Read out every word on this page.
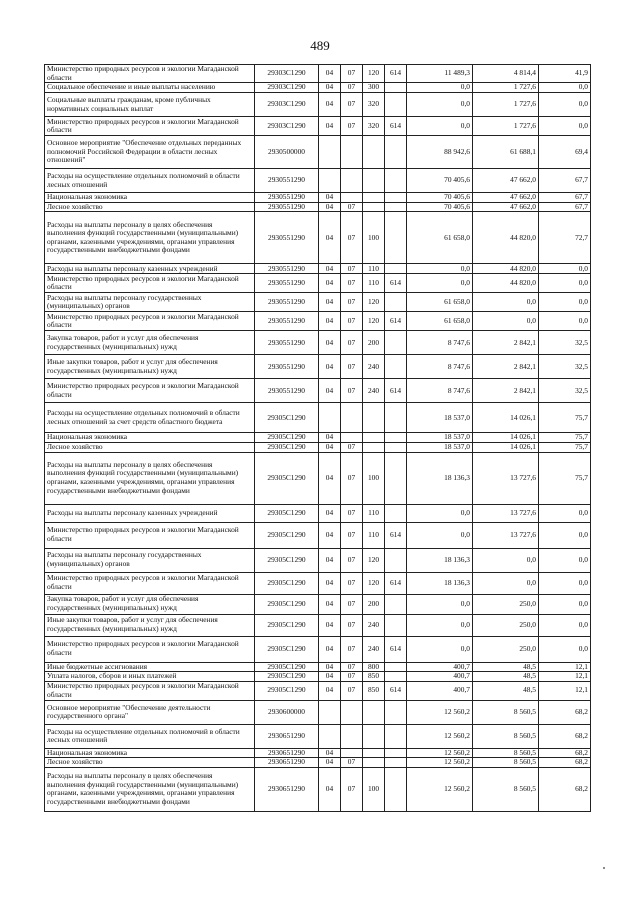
489
Министерство природных ресурсов и экологии Магаданской области	29303С1290	04	07	120	614	11 489,3	4 814,4	41,9
Социальное обеспечение и иные выплаты населению	29303С1290	04	07	300		0,0	1 727,6	0,0
Социальные выплаты гражданам, кроме публичных нормативных социальных выплат	29303С1290	04	07	320		0,0	1 727,6	0,0
Министерство природных ресурсов и экологии Магаданской области	29303С1290	04	07	320	614	0,0	1 727,6	0,0
Основное мероприятие "Обеспечение отдельных переданных полномочий Российской Федерации в области лесных отношений"	2930500000					88 942,6	61 688,1	69,4
Расходы на осуществление отдельных полномочий в области лесных отношений	2930551290					70 405,6	47 662,0	67,7
Национальная экономика	2930551290	04				70 405,6	47 662,0	67,7
Лесное хозяйство	2930551290	04	07			70 405,6	47 662,0	67,7
Расходы на выплаты персоналу в целях обеспечения выполнения функций государственными (муниципальными) органами, казенными учреждениями, органами управления государственными внебюджетными фондами	2930551290	04	07	100		61 658,0	44 820,0	72,7
Расходы на выплаты персоналу казенных учреждений	2930551290	04	07	110		0,0	44 820,0	0,0
Министерство природных ресурсов и экологии Магаданской области	2930551290	04	07	110	614	0,0	44 820,0	0,0
Расходы на выплаты персоналу государственных (муниципальных) органов	2930551290	04	07	120		61 658,0	0,0	0,0
Министерство природных ресурсов и экологии Магаданской области	2930551290	04	07	120	614	61 658,0	0,0	0,0
Закупка товаров, работ и услуг для обеспечения государственных (муниципальных) нужд	2930551290	04	07	200		8 747,6	2 842,1	32,5
Иные закупки товаров, работ и услуг для обеспечения государственных (муниципальных) нужд	2930551290	04	07	240		8 747,6	2 842,1	32,5
Министерство природных ресурсов и экологии Магаданской области	2930551290	04	07	240	614	8 747,6	2 842,1	32,5
Расходы на осуществление отдельных полномочий в области лесных отношений за счет средств областного бюджета	29305С1290					18 537,0	14 026,1	75,7
Национальная экономика	29305С1290	04				18 537,0	14 026,1	75,7
Лесное хозяйство	29305С1290	04	07			18 537,0	14 026,1	75,7
Расходы на выплаты персоналу в целях обеспечения выполнения функций государственными (муниципальными) органами, казенными учреждениями, органами управления государственными внебюджетными фондами	29305С1290	04	07	100		18 136,3	13 727,6	75,7
Расходы на выплаты персоналу казенных учреждений	29305С1290	04	07	110		0,0	13 727,6	0,0
Министерство природных ресурсов и экологии Магаданской области	29305С1290	04	07	110	614	0,0	13 727,6	0,0
Расходы на выплаты персоналу государственных (муниципальных) органов	29305С1290	04	07	120		18 136,3	0,0	0,0
Министерство природных ресурсов и экологии Магаданской области	29305С1290	04	07	120	614	18 136,3	0,0	0,0
Закупка товаров, работ и услуг для обеспечения государственных (муниципальных) нужд	29305С1290	04	07	200		0,0	250,0	0,0
Иные закупки товаров, работ и услуг для обеспечения государственных (муниципальных) нужд	29305С1290	04	07	240		0,0	250,0	0,0
Министерство природных ресурсов и экологии Магаданской области	29305С1290	04	07	240	614	0,0	250,0	0,0
Иные бюджетные ассигнования	29305С1290	04	07	800		400,7	48,5	12,1
Уплата налогов, сборов и иных платежей	29305С1290	04	07	850		400,7	48,5	12,1
Министерство природных ресурсов и экологии Магаданской области	29305С1290	04	07	850	614	400,7	48,5	12,1
Основное мероприятие "Обеспечение деятельности государственного органа"	2930600000					12 560,2	8 560,5	68,2
Расходы на осуществление отдельных полномочий в области лесных отношений	2930651290					12 560,2	8 560,5	68,2
Национальная экономика	2930651290	04				12 560,2	8 560,5	68,2
Лесное хозяйство	2930651290	04	07			12 560,2	8 560,5	68,2
Расходы на выплаты персоналу в целях обеспечения выполнения функций государственными (муниципальными) органами, казенными учреждениями, органами управления государственными внебюджетными фондами	2930651290	04	07	100		12 560,2	8 560,5	68,2
